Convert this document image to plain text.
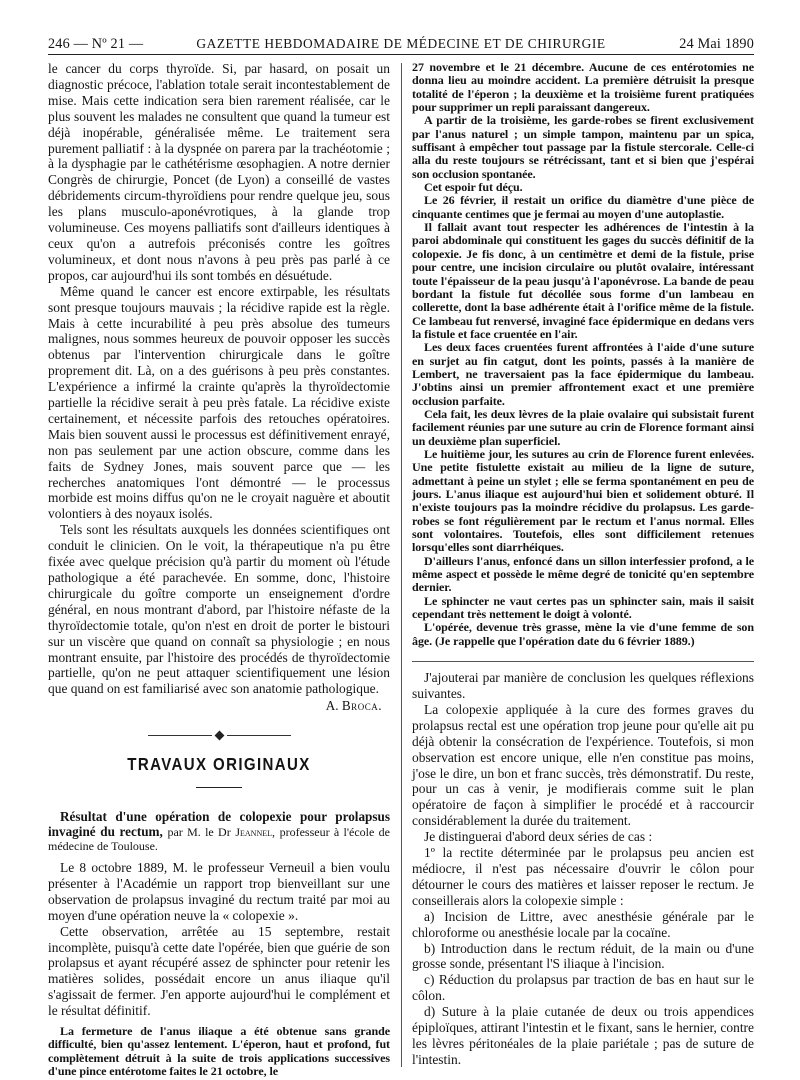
246 — Nº 21 —	GAZETTE HEBDOMADAIRE DE MÉDECINE ET DE CHIRURGIE	24 Mai 1890

le cancer du corps thyroïde. Si, par hasard, on posait un diagnostic précoce, l'ablation totale serait incontestablement de mise. Mais cette indication sera bien rarement réalisée, car le plus souvent les malades ne consultent que quand la tumeur est déjà inopérable, généralisée même. Le traitement sera purement palliatif : à la dyspnée on parera par la trachéotomie ; à la dysphagie par le cathétérisme œsophagien. A notre dernier Congrès de chirurgie, Poncet (de Lyon) a conseillé de vastes débridements circum-thyroïdiens pour rendre quelque jeu, sous les plans musculo-aponévrotiques, à la glande trop volumineuse. Ces moyens palliatifs sont d'ailleurs identiques à ceux qu'on a autrefois préconisés contre les goîtres volumineux, et dont nous n'avons à peu près pas parlé à ce propos, car aujourd'hui ils sont tombés en désuétude.

Même quand le cancer est encore extirpable, les résultats sont presque toujours mauvais ; la récidive rapide est la règle. Mais à cette incurabilité à peu près absolue des tumeurs malignes, nous sommes heureux de pouvoir opposer les succès obtenus par l'intervention chirurgicale dans le goître proprement dit. Là, on a des guérisons à peu près constantes. L'expérience a infirmé la crainte qu'après la thyroïdectomie partielle la récidive serait à peu près fatale. La récidive existe certainement, et nécessite parfois des retouches opératoires. Mais bien souvent aussi le processus est définitivement enrayé, non pas seulement par une action obscure, comme dans les faits de Sydney Jones, mais souvent parce que — les recherches anatomiques l'ont démontré — le processus morbide est moins diffus qu'on ne le croyait naguère et aboutit volontiers à des noyaux isolés.

Tels sont les résultats auxquels les données scientifiques ont conduit le clinicien. On le voit, la thérapeutique n'a pu être fixée avec quelque précision qu'à partir du moment où l'étude pathologique a été parachevée. En somme, donc, l'histoire chirurgicale du goître comporte un enseignement d'ordre général, en nous montrant d'abord, par l'histoire néfaste de la thyroïdectomie totale, qu'on n'est en droit de porter le bistouri sur un viscère que quand on connaît sa physiologie ; en nous montrant ensuite, par l'histoire des procédés de thyroïdectomie partielle, qu'on ne peut attaquer scientifiquement une lésion que quand on est familiarisé avec son anatomie pathologique.

A. Broca.
TRAVAUX ORIGINAUX
Résultat d'une opération de colopexie pour prolapsus invaginé du rectum, par M. le Dr Jeannel, professeur à l'école de médecine de Toulouse.

Le 8 octobre 1889, M. le professeur Verneuil a bien voulu présenter à l'Académie un rapport trop bienveillant sur une observation de prolapsus invaginé du rectum traité par moi au moyen d'une opération neuve la « colopexie ».

Cette observation, arrêtée au 15 septembre, restait incomplète, puisqu'à cette date l'opérée, bien que guérie de son prolapsus et ayant récupéré assez de sphincter pour retenir les matières solides, possédait encore un anus iliaque qu'il s'agissait de fermer. J'en apporte aujourd'hui le complément et le résultat définitif.

La fermeture de l'anus iliaque a été obtenue sans grande difficulté, bien qu'assez lentement. L'éperon, haut et profond, fut complètement détruit à la suite de trois applications successives d'une pince entérotome faites le 21 octobre, le

27 novembre et le 21 décembre. Aucune de ces entérotomies ne donna lieu au moindre accident. La première détruisit la presque totalité de l'éperon ; la deuxième et la troisième furent pratiquées pour supprimer un repli paraissant dangereux.

A partir de la troisième, les garde-robes se firent exclusivement par l'anus naturel ; un simple tampon, maintenu par un spica, suffisant à empêcher tout passage par la fistule stercorale. Celle-ci alla du reste toujours se rétrécissant, tant et si bien que j'espérai son occlusion spontanée.

Cet espoir fut déçu.

Le 26 février, il restait un orifice du diamètre d'une pièce de cinquante centimes que je fermai au moyen d'une autoplastie.

Il fallait avant tout respecter les adhérences de l'intestin à la paroi abdominale qui constituent les gages du succès définitif de la colopexie. Je fis donc, à un centimètre et demi de la fistule, prise pour centre, une incision circulaire ou plutôt ovalaire, intéressant toute l'épaisseur de la peau jusqu'à l'aponévrose. La bande de peau bordant la fistule fut décollée sous forme d'un lambeau en collerette, dont la base adhérente était à l'orifice même de la fistule. Ce lambeau fut renversé, invaginé face épidermique en dedans vers la fistule et face cruentée en l'air.

Les deux faces cruentées furent affrontées à l'aide d'une suture en surjet au fin catgut, dont les points, passés à la manière de Lembert, ne traversaient pas la face épidermique du lambeau. J'obtins ainsi un premier affrontement exact et une première occlusion parfaite.

Cela fait, les deux lèvres de la plaie ovalaire qui subsistait furent facilement réunies par une suture au crin de Florence formant ainsi un deuxième plan superficiel.

Le huitième jour, les sutures au crin de Florence furent enlevées. Une petite fistulette existait au milieu de la ligne de suture, admettant à peine un stylet ; elle se ferma spontanément en peu de jours. L'anus iliaque est aujourd'hui bien et solidement obturé. Il n'existe toujours pas la moindre récidive du prolapsus. Les garde-robes se font régulièrement par le rectum et l'anus normal. Elles sont volontaires. Toutefois, elles sont difficilement retenues lorsqu'elles sont diarrhéiques.

D'ailleurs l'anus, enfoncé dans un sillon interfessier profond, a le même aspect et possède le même degré de tonicité qu'en septembre dernier.

Le sphincter ne vaut certes pas un sphincter sain, mais il saisit cependant très nettement le doigt à volonté.

L'opérée, devenue très grasse, mène la vie d'une femme de son âge. (Je rappelle que l'opération date du 6 février 1889.)

J'ajouterai par manière de conclusion les quelques réflexions suivantes.

La colopexie appliquée à la cure des formes graves du prolapsus rectal est une opération trop jeune pour qu'elle ait pu déjà obtenir la consécration de l'expérience. Toutefois, si mon observation est encore unique, elle n'en constitue pas moins, j'ose le dire, un bon et franc succès, très démonstratif. Du reste, pour un cas à venir, je modifierais comme suit le plan opératoire de façon à simplifier le procédé et à raccourcir considérablement la durée du traitement.

Je distinguerai d'abord deux séries de cas :

1º la rectite déterminée par le prolapsus peu ancien est médiocre, il n'est pas nécessaire d'ouvrir le côlon pour détourner le cours des matières et laisser reposer le rectum. Je conseillerais alors la colopexie simple :

a) Incision de Littre, avec anesthésie générale par le chloroforme ou anesthésie locale par la cocaïne.

b) Introduction dans le rectum réduit, de la main ou d'une grosse sonde, présentant l'S iliaque à l'incision.

c) Réduction du prolapsus par traction de bas en haut sur le côlon.

d) Suture à la plaie cutanée de deux ou trois appendices épiploïques, attirant l'intestin et le fixant, sans le hernier, contre les lèvres péritonéales de la plaie pariétale ; pas de suture de l'intestin.
